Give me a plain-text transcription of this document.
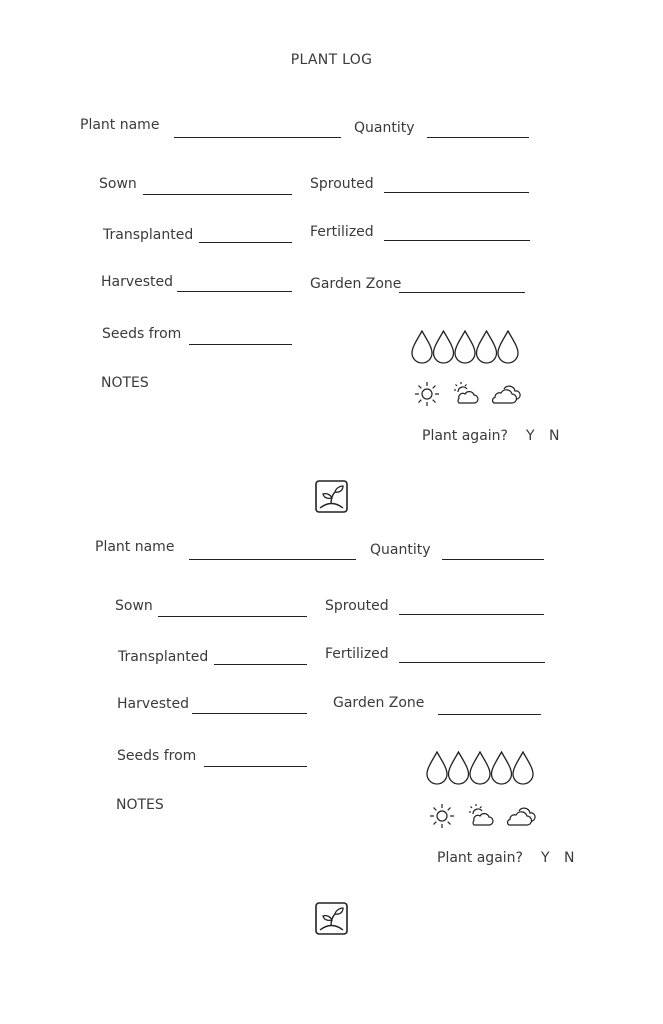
PLANT LOG
Plant name	Quantity
Sown	Sprouted
Transplanted	Fertilized
Harvested	Garden Zone
Seeds from
NOTES
Plant again? Y N
Plant name	Quantity
Sown	Sprouted
Transplanted	Fertilized
Harvested	Garden Zone
Seeds from
NOTES
Plant again? Y N
